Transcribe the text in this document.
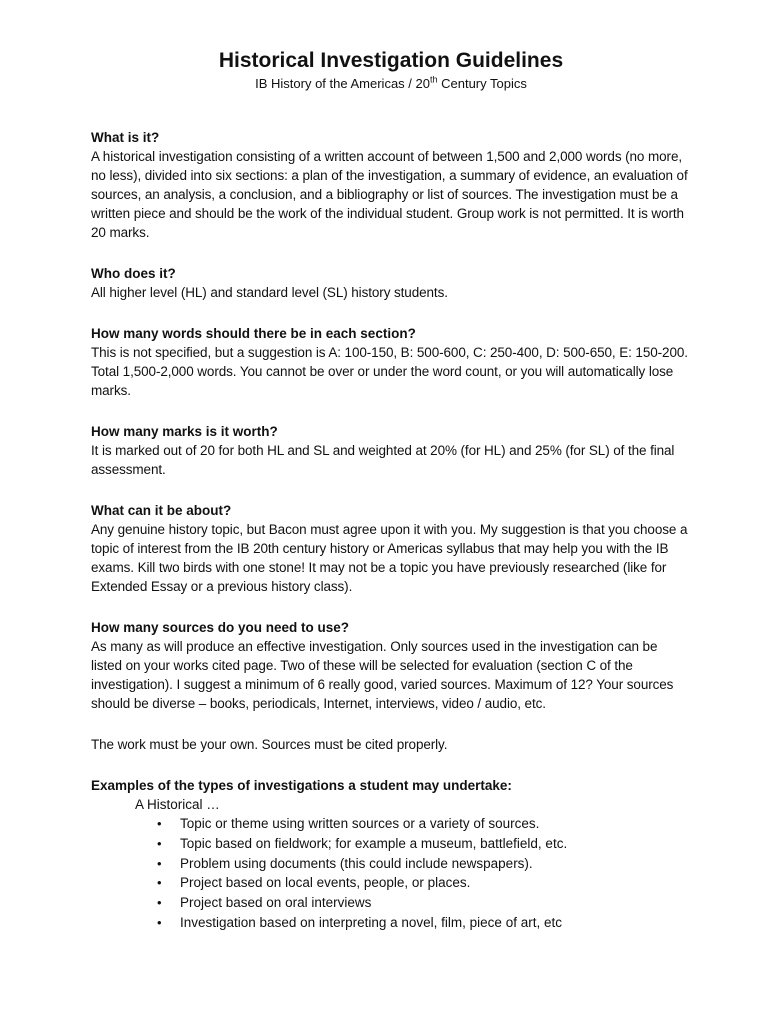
Historical Investigation Guidelines

IB History of the Americas / 20th Century Topics

What is it?

A historical investigation consisting of a written account of between 1,500 and 2,000 words (no more, no less), divided into six sections: a plan of the investigation, a summary of evidence, an evaluation of sources, an analysis, a conclusion, and a bibliography or list of sources. The investigation must be a written piece and should be the work of the individual student. Group work is not permitted. It is worth 20 marks.

Who does it?

All higher level (HL) and standard level (SL) history students.

How many words should there be in each section?

This is not specified, but a suggestion is A: 100-150, B: 500-600, C: 250-400, D: 500-650, E: 150-200. Total 1,500-2,000 words. You cannot be over or under the word count, or you will automatically lose marks.

How many marks is it worth?

It is marked out of 20 for both HL and SL and weighted at 20% (for HL) and 25% (for SL) of the final assessment.

What can it be about?

Any genuine history topic, but Bacon must agree upon it with you. My suggestion is that you choose a topic of interest from the IB 20th century history or Americas syllabus that may help you with the IB exams. Kill two birds with one stone! It may not be a topic you have previously researched (like for Extended Essay or a previous history class).

How many sources do you need to use?

As many as will produce an effective investigation. Only sources used in the investigation can be listed on your works cited page. Two of these will be selected for evaluation (section C of the investigation). I suggest a minimum of 6 really good, varied sources. Maximum of 12? Your sources should be diverse – books, periodicals, Internet, interviews, video / audio, etc.

The work must be your own. Sources must be cited properly.

Examples of the types of investigations a student may undertake:

A Historical …

• Topic or theme using written sources or a variety of sources.
• Topic based on fieldwork; for example a museum, battlefield, etc.
• Problem using documents (this could include newspapers).
• Project based on local events, people, or places.
• Project based on oral interviews
• Investigation based on interpreting a novel, film, piece of art, etc
